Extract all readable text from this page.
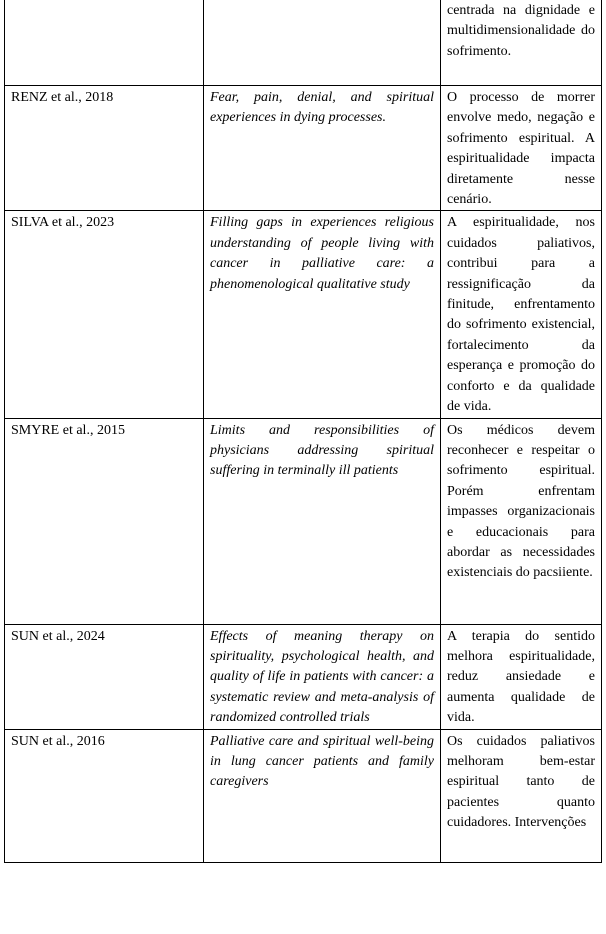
		centrada na dignidade e multidimensionalidade do sofrimento.
RENZ et al., 2018	Fear, pain, denial, and spiritual experiences in dying processes.	O processo de morrer envolve medo, negação e sofrimento espiritual. A espiritualidade impacta diretamente nesse cenário.
SILVA et al., 2023	Filling gaps in experiences religious understanding of people living with cancer in palliative care: a phenomenological qualitative study	A espiritualidade, nos cuidados paliativos, contribui para a ressignificação da finitude, enfrentamento do sofrimento existencial, fortalecimento da esperança e promoção do conforto e da qualidade de vida.
SMYRE et al., 2015	Limits and responsibilities of physicians addressing spiritual suffering in terminally ill patients	Os médicos devem reconhecer e respeitar o sofrimento espiritual. Porém enfrentam impasses organizacionais e educacionais para abordar as necessidades existenciais do pacsiiente.
SUN et al., 2024	Effects of meaning therapy on spirituality, psychological health, and quality of life in patients with cancer: a systematic review and meta-analysis of randomized controlled trials	A terapia do sentido melhora espiritualidade, reduz ansiedade e aumenta qualidade de vida.
SUN et al., 2016	Palliative care and spiritual well-being in lung cancer patients and family caregivers	Os cuidados paliativos melhoram bem-estar espiritual tanto de pacientes quanto cuidadores. Intervenções
